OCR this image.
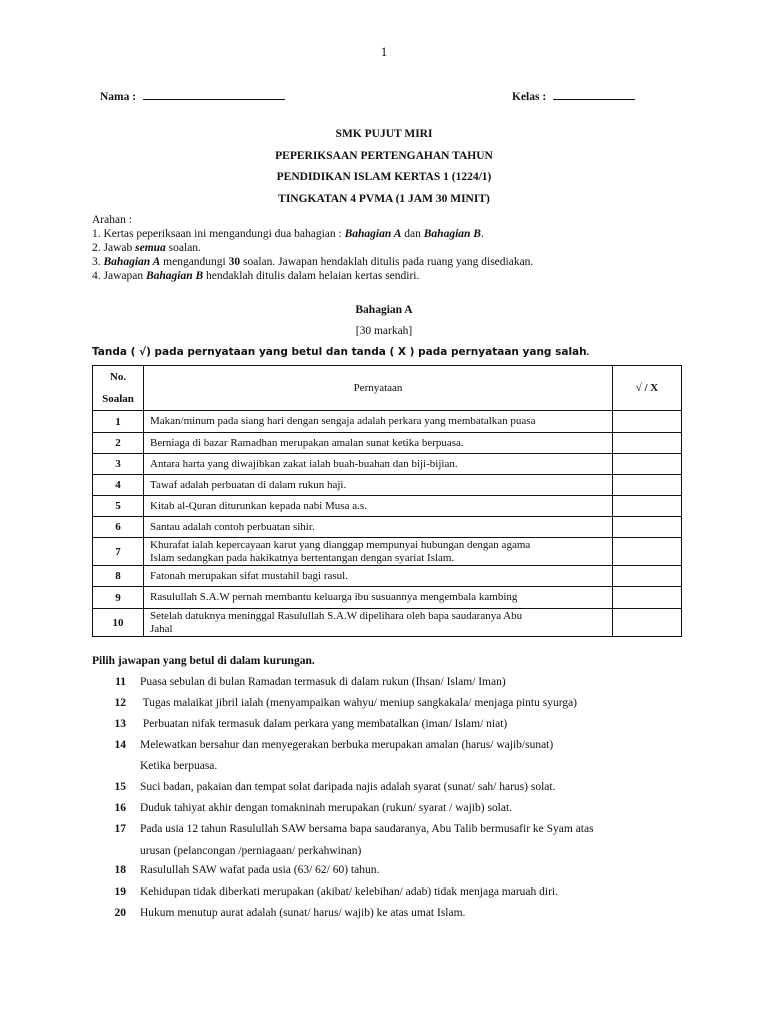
1
Nama :	Kelas :
SMK PUJUT MIRI
PEPERIKSAAN PERTENGAHAN TAHUN
PENDIDIKAN ISLAM KERTAS 1 (1224/1)
TINGKATAN 4 PVMA (1 JAM 30 MINIT)
Arahan :
1. Kertas peperiksaan ini mengandungi dua bahagian : Bahagian A dan Bahagian B.
2. Jawab semua soalan.
3. Bahagian A mengandungi 30 soalan. Jawapan hendaklah ditulis pada ruang yang disediakan.
4. Jawapan Bahagian B hendaklah ditulis dalam helaian kertas sendiri.
Bahagian A
[30 markah]
Tanda ( √) pada pernyataan yang betul dan tanda ( X ) pada pernyataan yang salah.
No.
Soalan	Pernyataan	√ / X
1	Makan/minum pada siang hari dengan sengaja adalah perkara yang membatalkan puasa	
2	Berniaga di bazar Ramadhan merupakan amalan sunat ketika berpuasa.	
3	Antara harta yang diwajibkan zakat ialah buah-buahan dan biji-bijian.	
4	Tawaf adalah perbuatan di dalam rukun haji.	
5	Kitab al-Quran diturunkan kepada nabi Musa a.s.	
6	Santau adalah contoh perbuatan sihir.	
7	Khurafat ialah kepercayaan karut yang dianggap mempunyai hubungan dengan agama
Islam sedangkan pada hakikatnya bertentangan dengan syariat Islam.	
8	Fatonah merupakan sifat mustahil bagi rasul.	
9	Rasulullah S.A.W pernah membantu keluarga ibu susuannya mengembala kambing	
10	Setelah datuknya meninggal Rasulullah S.A.W dipelihara oleh bapa saudaranya Abu
Jahal	
Pilih jawapan yang betul di dalam kurungan.
11 Puasa sebulan di bulan Ramadan termasuk di dalam rukun (Ihsan/ Islam/ Iman)
12 Tugas malaikat jibril ialah (menyampaikan wahyu/ meniup sangkakala/ menjaga pintu syurga)
13 Perbuatan nifak termasuk dalam perkara yang membatalkan (iman/ Islam/ niat)
14 Melewatkan bersahur dan menyegerakan berbuka merupakan amalan (harus/ wajib/sunat)
Ketika berpuasa.
15 Suci badan, pakaian dan tempat solat daripada najis adalah syarat (sunat/ sah/ harus) solat.
16 Duduk tahiyat akhir dengan tomakninah merupakan (rukun/ syarat / wajib) solat.
17 Pada usia 12 tahun Rasulullah SAW bersama bapa saudaranya, Abu Talib bermusafir ke Syam atas
urusan (pelancongan /perniagaan/ perkahwinan)
18 Rasulullah SAW wafat pada usia (63/ 62/ 60) tahun.
19 Kehidupan tidak diberkati merupakan (akibat/ kelebihan/ adab) tidak menjaga maruah diri.
20 Hukum menutup aurat adalah (sunat/ harus/ wajib) ke atas umat Islam.
